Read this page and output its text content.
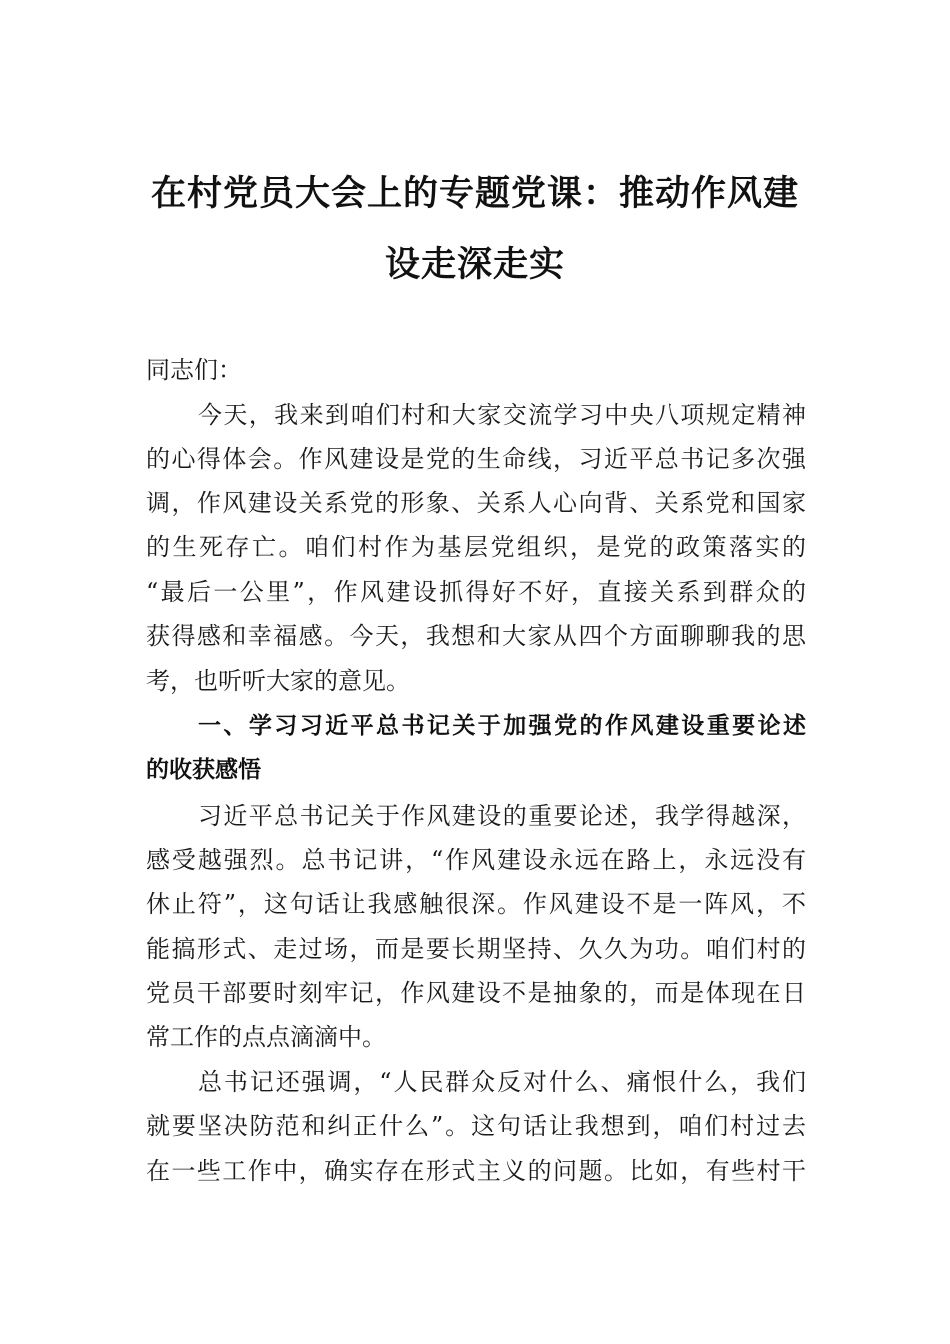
在村党员大会上的专题党课：推动作风建
设走深走实
同志们：
今天，我来到咱们村和大家交流学习中央八项规定精神
的心得体会。作风建设是党的生命线，习近平总书记多次强
调，作风建设关系党的形象、关系人心向背、关系党和国家
的生死存亡。咱们村作为基层党组织，是党的政策落实的
“最后一公里”，作风建设抓得好不好，直接关系到群众的
获得感和幸福感。今天，我想和大家从四个方面聊聊我的思
考，也听听大家的意见。
一、学习习近平总书记关于加强党的作风建设重要论述
的收获感悟
习近平总书记关于作风建设的重要论述，我学得越深，
感受越强烈。总书记讲，“作风建设永远在路上，永远没有
休止符”，这句话让我感触很深。作风建设不是一阵风，不
能搞形式、走过场，而是要长期坚持、久久为功。咱们村的
党员干部要时刻牢记，作风建设不是抽象的，而是体现在日
常工作的点点滴滴中。
总书记还强调，“人民群众反对什么、痛恨什么，我们
就要坚决防范和纠正什么”。这句话让我想到，咱们村过去
在一些工作中，确实存在形式主义的问题。比如，有些村干
